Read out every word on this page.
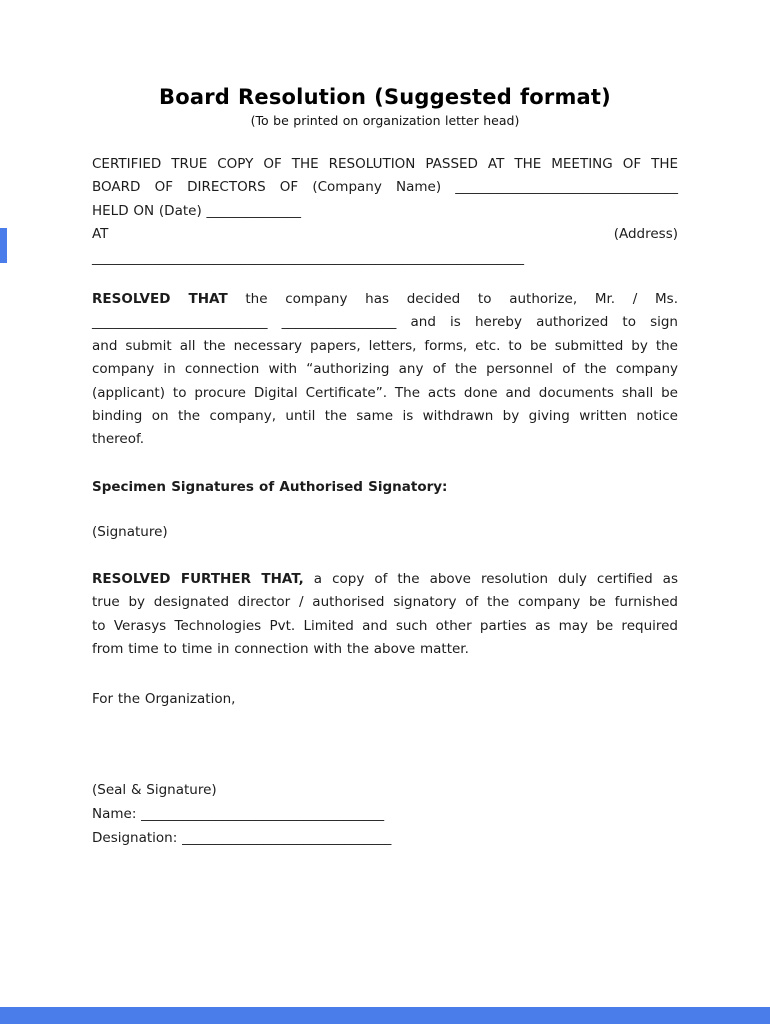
Board Resolution (Suggested format)
(To be printed on organization letter head)
CERTIFIED TRUE COPY OF THE RESOLUTION PASSED AT THE MEETING OF THE
BOARD OF DIRECTORS OF (Company Name) _________________________________
HELD ON (Date) ______________
AT	(Address)
________________________________________________________________
RESOLVED THAT the company has decided to authorize, Mr. / Ms.
__________________________ _________________ and is hereby authorized to sign
and submit all the necessary papers, letters, forms, etc. to be submitted by the
company in connection with “authorizing any of the personnel of the company
(applicant) to procure Digital Certificate”. The acts done and documents shall be
binding on the company, until the same is withdrawn by giving written notice
thereof.
Specimen Signatures of Authorised Signatory:
(Signature)
RESOLVED FURTHER THAT, a copy of the above resolution duly certified as
true by designated director / authorised signatory of the company be furnished
to Verasys Technologies Pvt. Limited and such other parties as may be required
from time to time in connection with the above matter.
For the Organization,
(Seal & Signature)
Name: ____________________________________
Designation: _______________________________
